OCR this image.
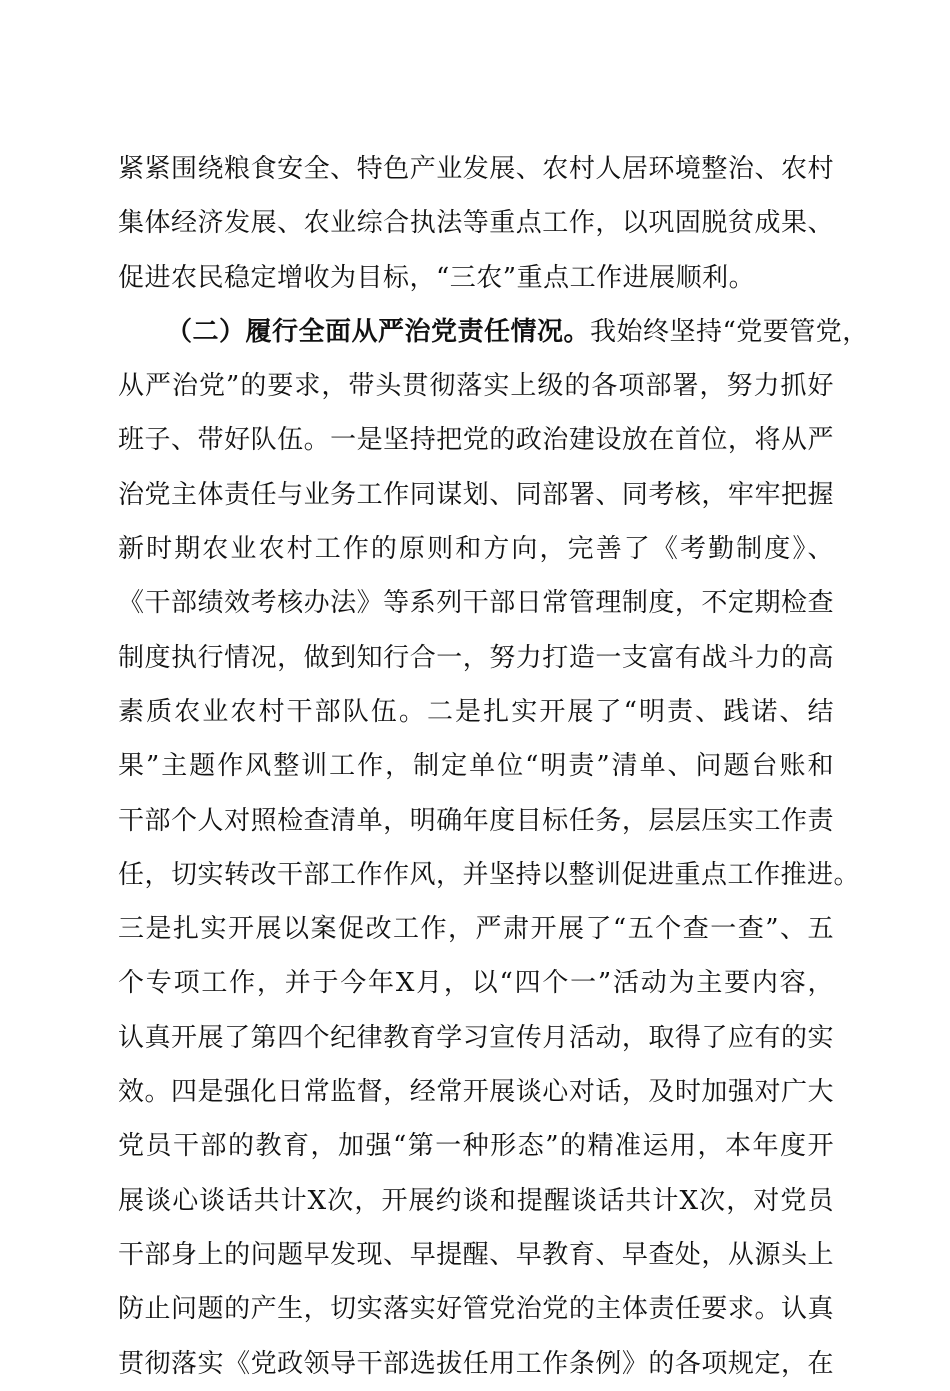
紧紧围绕粮食安全、特色产业发展、农村人居环境整治、农村
集体经济发展、农业综合执法等重点工作，以巩固脱贫成果、
促进农民稳定增收为目标，“三农”重点工作进展顺利。
（二）履行全面从严治党责任情况。我始终坚持“党要管党，
从严治党”的要求，带头贯彻落实上级的各项部署，努力抓好
班子、带好队伍。一是坚持把党的政治建设放在首位，将从严
治党主体责任与业务工作同谋划、同部署、同考核，牢牢把握
新时期农业农村工作的原则和方向，完善了《考勤制度》、
《干部绩效考核办法》等系列干部日常管理制度，不定期检查
制度执行情况，做到知行合一，努力打造一支富有战斗力的高
素质农业农村干部队伍。二是扎实开展了“明责、践诺、结
果”主题作风整训工作，制定单位“明责”清单、问题台账和
干部个人对照检查清单，明确年度目标任务，层层压实工作责
任，切实转改干部工作作风，并坚持以整训促进重点工作推进。
三是扎实开展以案促改工作，严肃开展了“五个查一查”、五
个专项工作，并于今年X月，以“四个一”活动为主要内容，
认真开展了第四个纪律教育学习宣传月活动，取得了应有的实
效。四是强化日常监督，经常开展谈心对话，及时加强对广大
党员干部的教育，加强“第一种形态”的精准运用，本年度开
展谈心谈话共计X次，开展约谈和提醒谈话共计X次，对党员
干部身上的问题早发现、早提醒、早教育、早查处，从源头上
防止问题的产生，切实落实好管党治党的主体责任要求。认真
贯彻落实《党政领导干部选拔任用工作条例》的各项规定，在
